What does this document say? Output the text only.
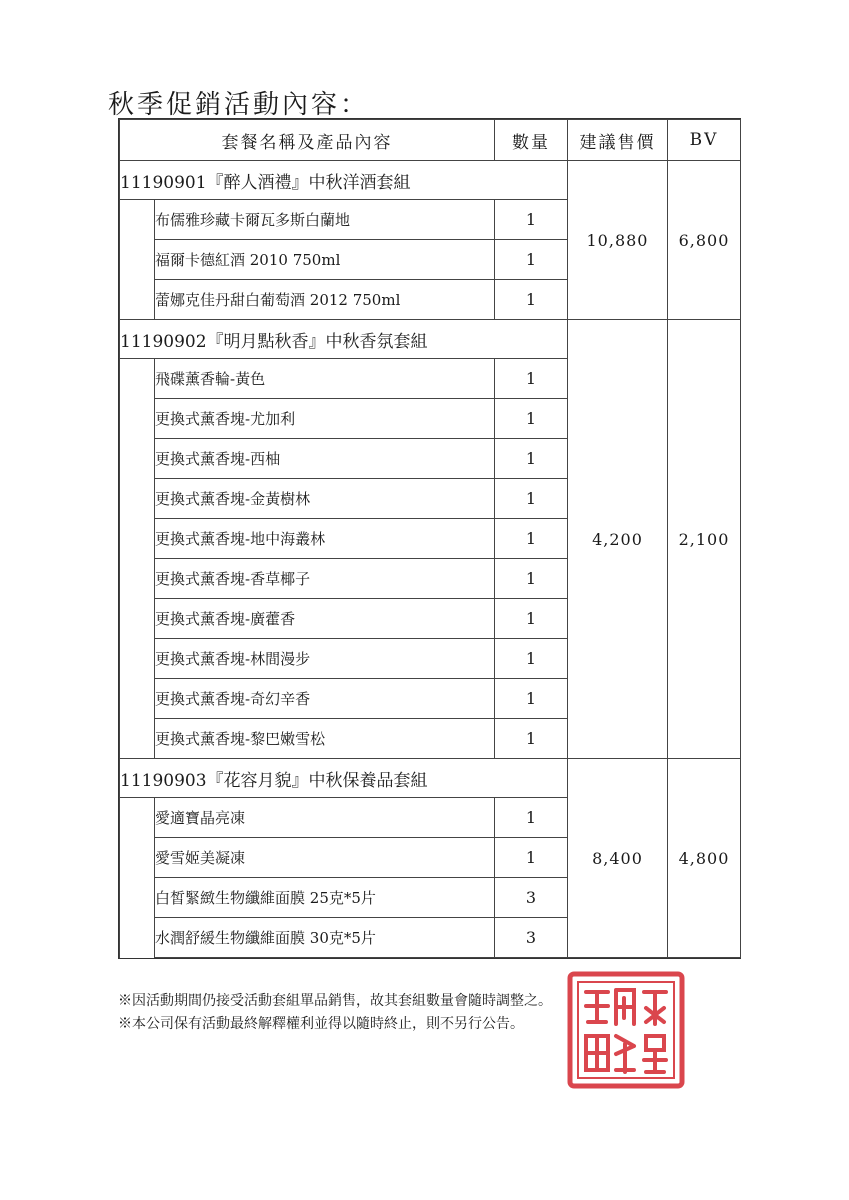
秋季促銷活動內容：
套餐名稱及產品內容		數量	建議售價	BV
11190901『醉人酒禮』中秋洋酒套組			10,880	6,800
	布儒雅珍藏卡爾瓦多斯白蘭地	1		
	福爾卡德紅酒 2010 750ml	1		
	蕾娜克佳丹甜白葡萄酒 2012 750ml	1		
11190902『明月點秋香』中秋香氛套組			4,200	2,100
	飛碟薰香輪-黃色	1		
	更換式薰香塊-尤加利	1		
	更換式薰香塊-西柚	1		
	更換式薰香塊-金黃樹林	1		
	更換式薰香塊-地中海叢林	1		
	更換式薰香塊-香草椰子	1		
	更換式薰香塊-廣藿香	1		
	更換式薰香塊-林間漫步	1		
	更換式薰香塊-奇幻辛香	1		
	更換式薰香塊-黎巴嫩雪松	1		
11190903『花容月貌』中秋保養品套組			8,400	4,800
	愛適寶晶亮凍	1		
	愛雪姬美凝凍	1		
	白皙緊緻生物纖維面膜 25克*5片	3		
	水潤舒緩生物纖維面膜 30克*5片	3		
※因活動期間仍接受活動套組單品銷售，故其套組數量會隨時調整之。
※本公司保有活動最終解釋權利並得以隨時終止，則不另行公告。
